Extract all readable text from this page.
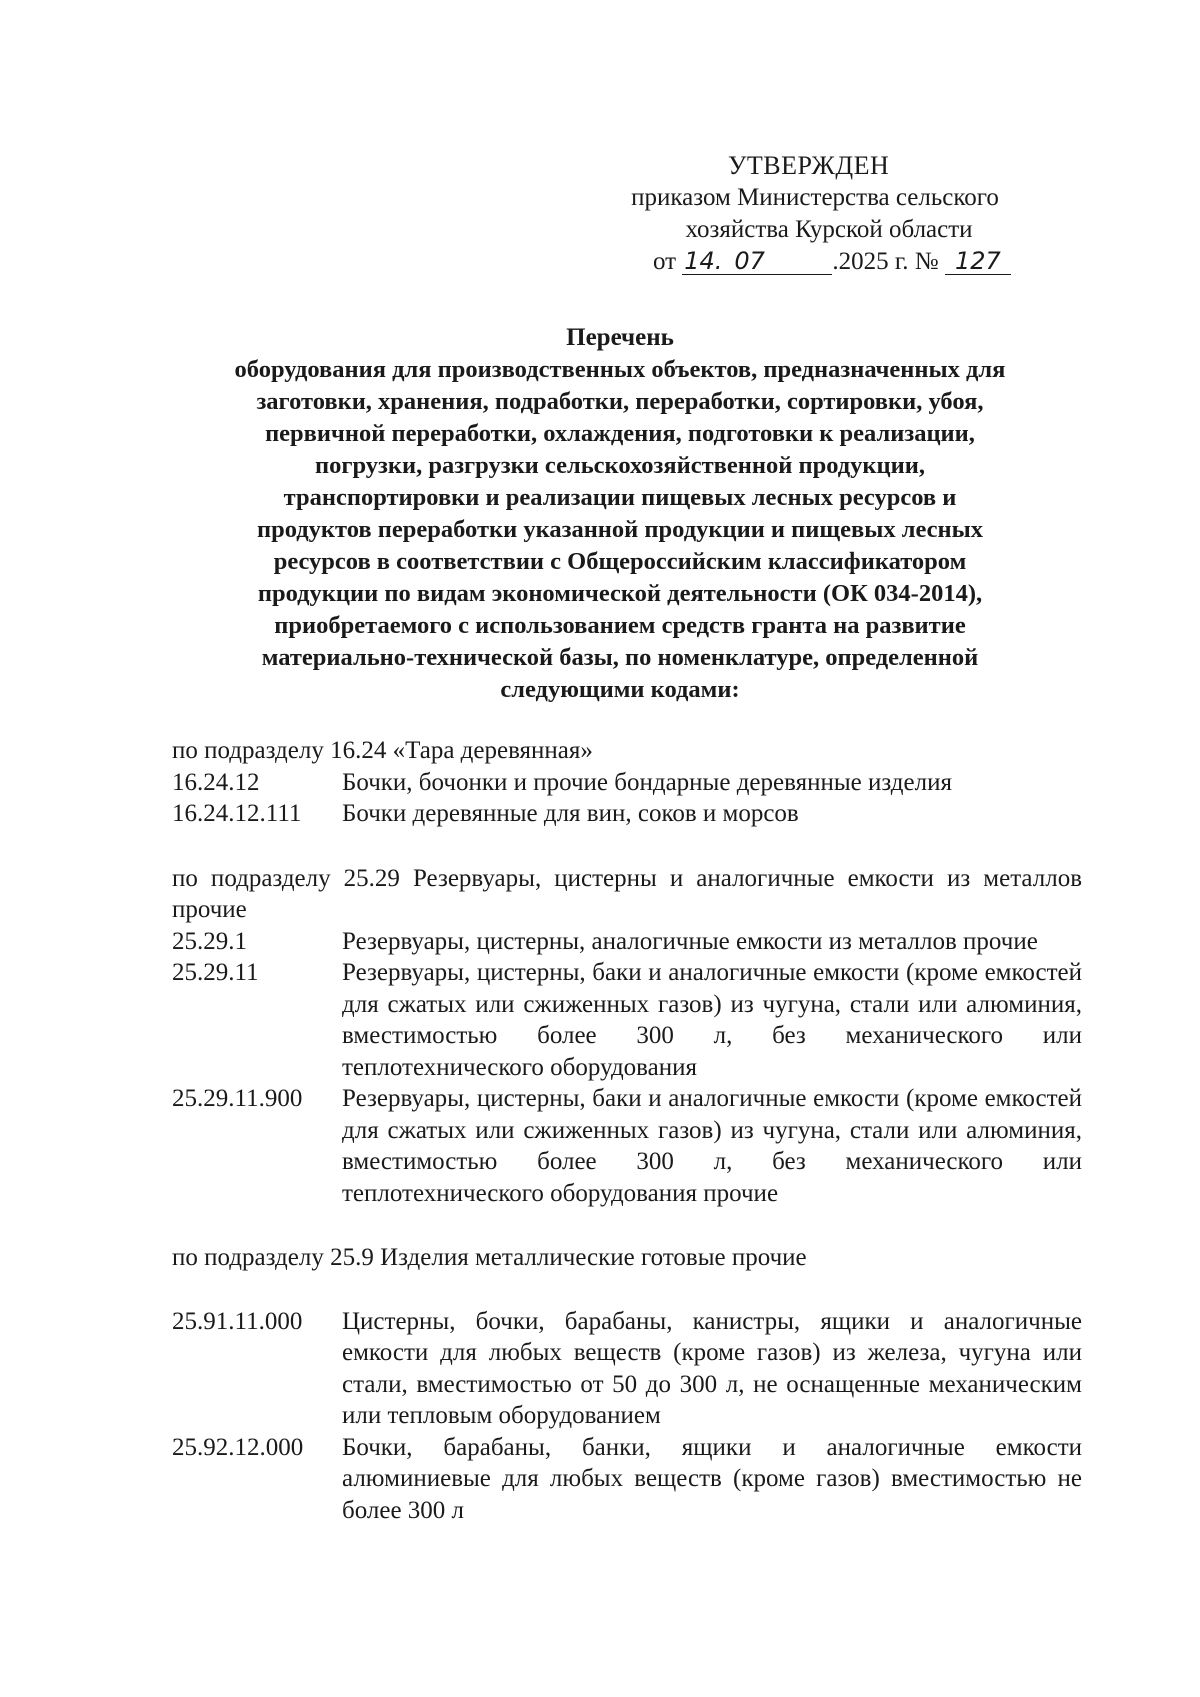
УТВЕРЖДЕН
приказом Министерства сельского
хозяйства Курской области
от 14. 07	.2025 г. № 127
Перечень
оборудования для производственных объектов, предназначенных для
заготовки, хранения, подработки, переработки, сортировки, убоя,
первичной переработки, охлаждения, подготовки к реализации,
погрузки, разгрузки сельскохозяйственной продукции,
транспортировки и реализации пищевых лесных ресурсов и
продуктов переработки указанной продукции и пищевых лесных
ресурсов в соответствии с Общероссийским классификатором
продукции по видам экономической деятельности (ОК 034-2014),
приобретаемого с использованием средств гранта на развитие
материально-технической базы, по номенклатуре, определенной
следующими кодами:
по подразделу 16.24 «Тара деревянная»
16.24.12	Бочки, бочонки и прочие бондарные деревянные изделия
16.24.12.111	Бочки деревянные для вин, соков и морсов
по подразделу 25.29 Резервуары, цистерны и аналогичные емкости из металлов прочие
25.29.1	Резервуары, цистерны, аналогичные емкости из металлов прочие
25.29.11	Резервуары, цистерны, баки и аналогичные емкости (кроме емкостей для сжатых или сжиженных газов) из чугуна, стали или алюминия, вместимостью более 300 л, без механического или теплотехнического оборудования
25.29.11.900	Резервуары, цистерны, баки и аналогичные емкости (кроме емкостей для сжатых или сжиженных газов) из чугуна, стали или алюминия, вместимостью более 300 л, без механического или теплотехнического оборудования прочие
по подразделу 25.9 Изделия металлические готовые прочие
25.91.11.000	Цистерны, бочки, барабаны, канистры, ящики и аналогичные емкости для любых веществ (кроме газов) из железа, чугуна или стали, вместимостью от 50 до 300 л, не оснащенные механическим или тепловым оборудованием
25.92.12.000	Бочки, барабаны, банки, ящики и аналогичные емкости алюминиевые для любых веществ (кроме газов) вместимостью не более 300 л
